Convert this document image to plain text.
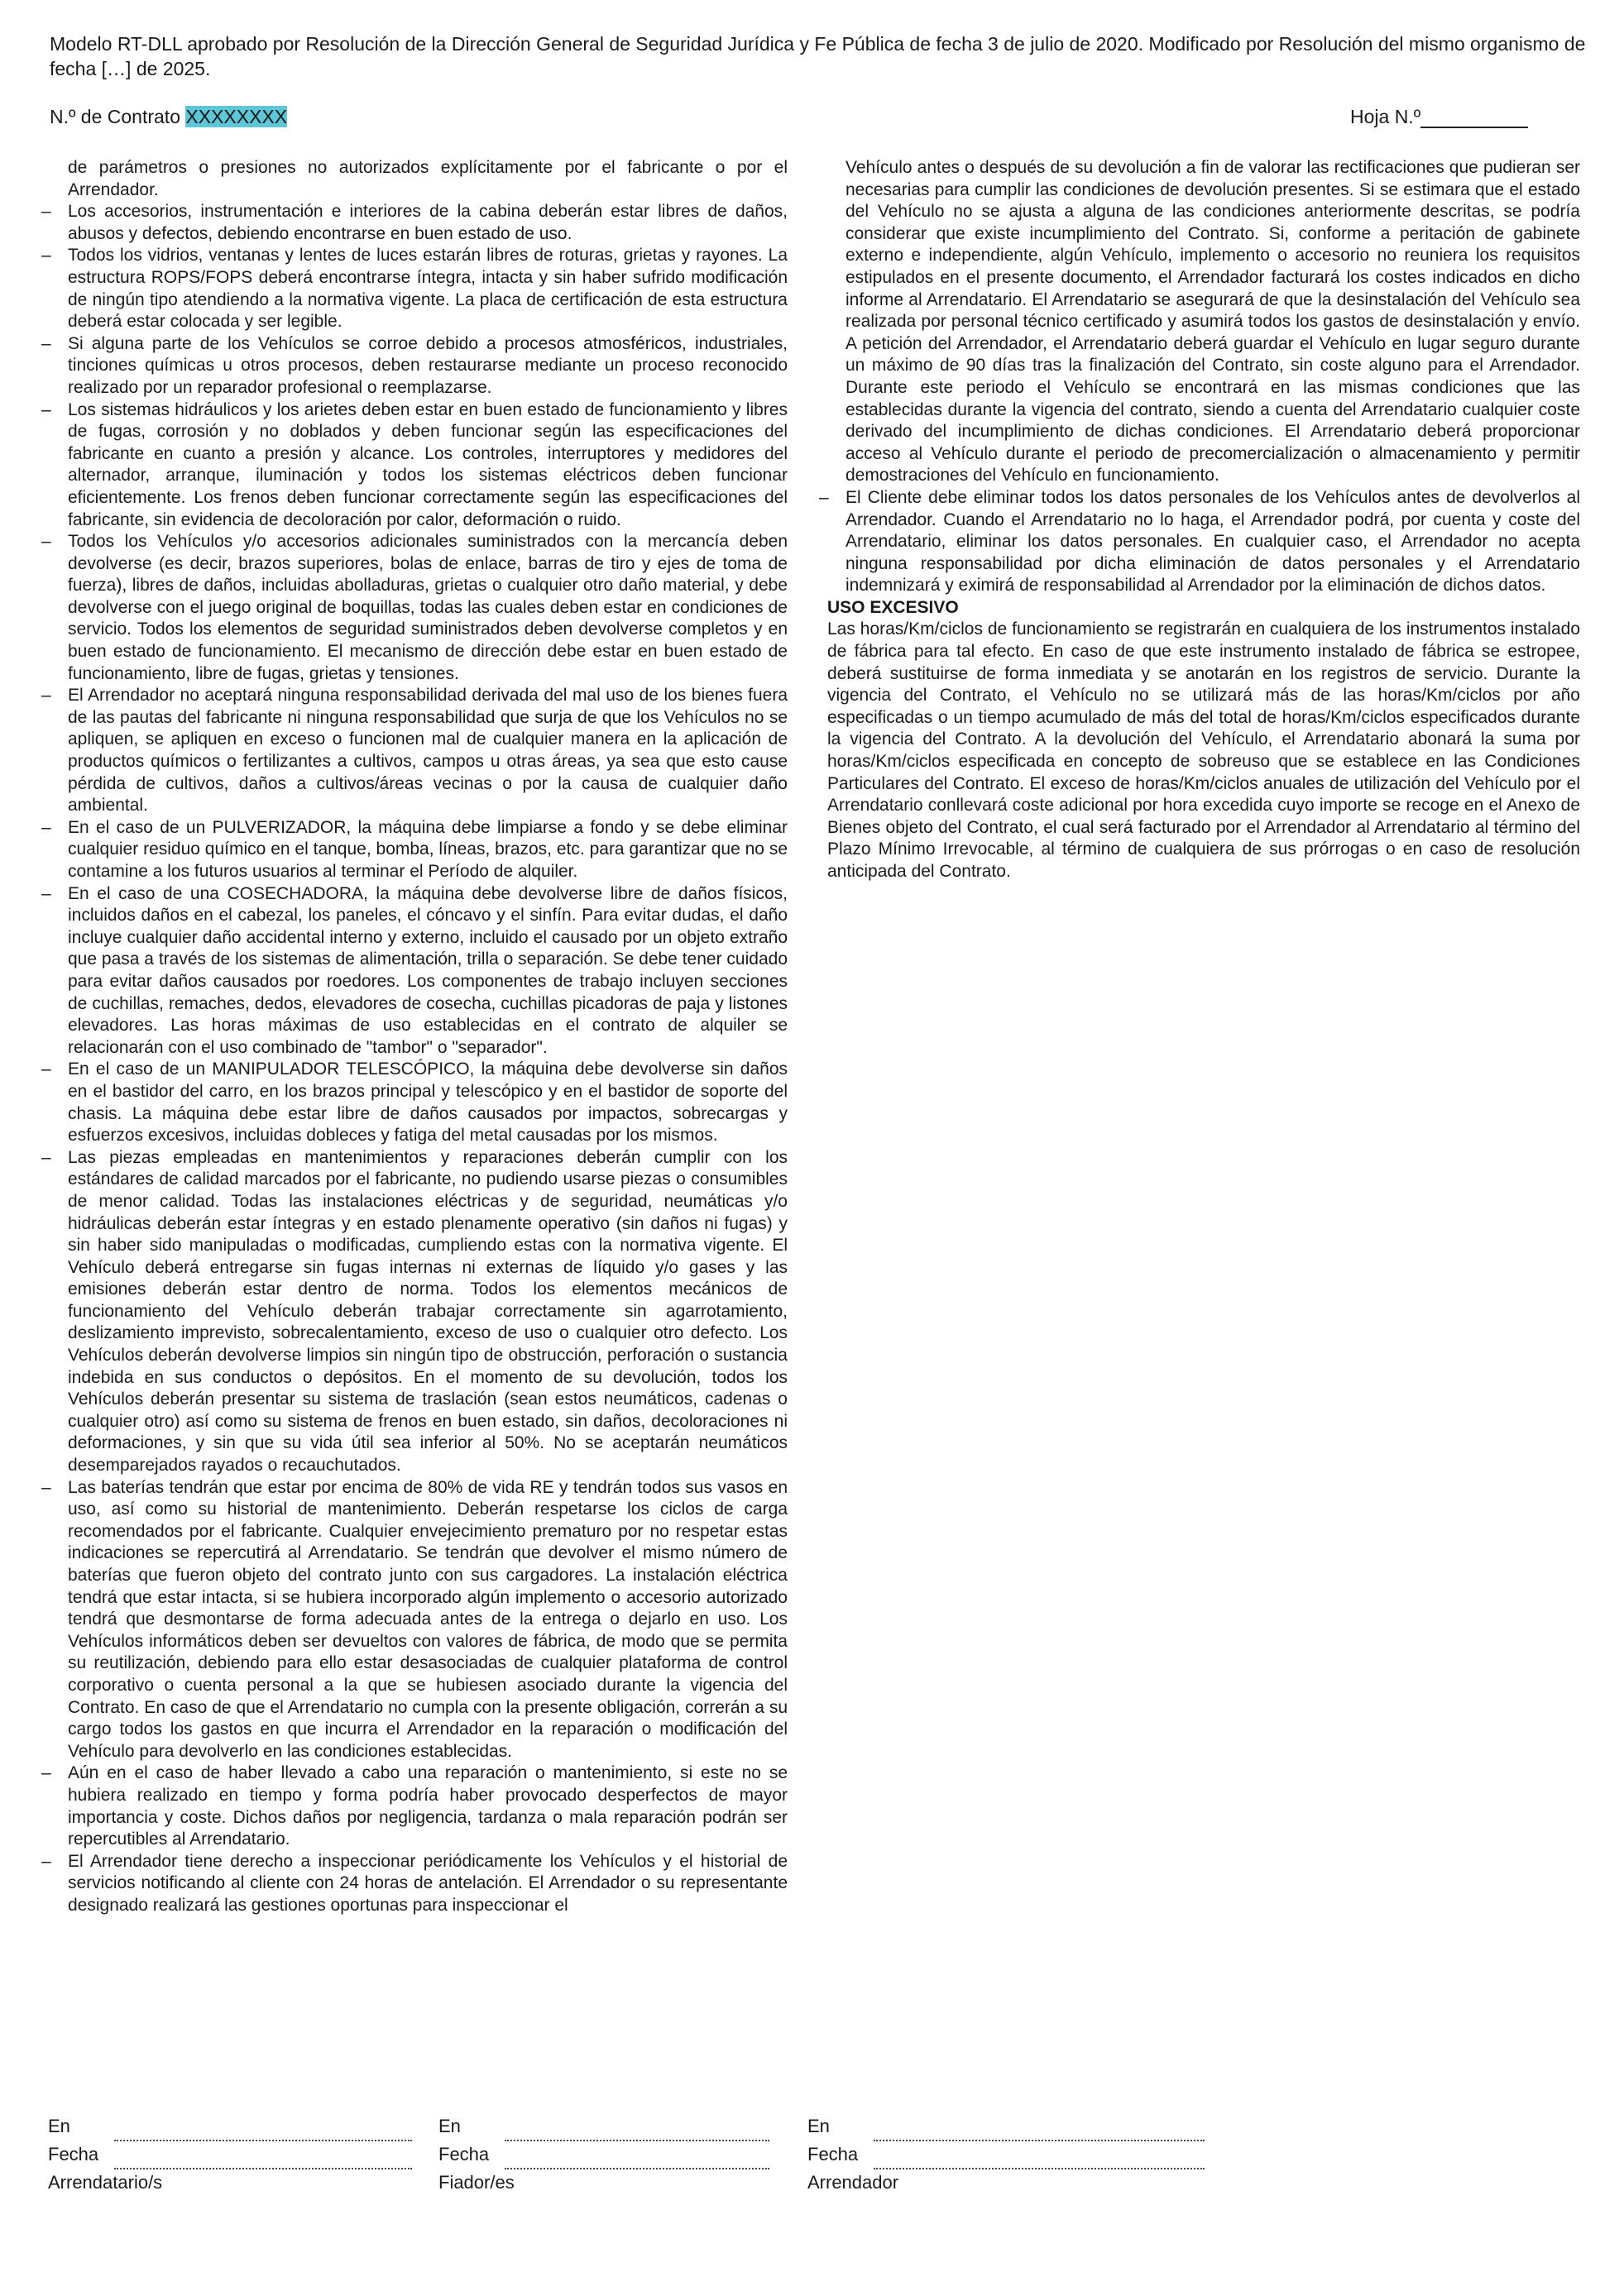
Modelo RT-DLL aprobado por Resolución de la Dirección General de Seguridad Jurídica y Fe Pública de fecha 3 de julio de 2020. Modificado por Resolución del mismo organismo de fecha […] de 2025.
N.º de Contrato XXXXXXXX	Hoja N.º

de parámetros o presiones no autorizados explícitamente por el fabricante o por el Arrendador.

– Los accesorios, instrumentación e interiores de la cabina deberán estar libres de daños, abusos y defectos, debiendo encontrarse en buen estado de uso.
– Todos los vidrios, ventanas y lentes de luces estarán libres de roturas, grietas y rayones. La estructura ROPS/FOPS deberá encontrarse íntegra, intacta y sin haber sufrido modificación de ningún tipo atendiendo a la normativa vigente. La placa de certificación de esta estructura deberá estar colocada y ser legible.
– Si alguna parte de los Vehículos se corroe debido a procesos atmosféricos, industriales, tinciones químicas u otros procesos, deben restaurarse mediante un proceso reconocido realizado por un reparador profesional o reemplazarse.
– Los sistemas hidráulicos y los arietes deben estar en buen estado de funcionamiento y libres de fugas, corrosión y no doblados y deben funcionar según las especificaciones del fabricante en cuanto a presión y alcance. Los controles, interruptores y medidores del alternador, arranque, iluminación y todos los sistemas eléctricos deben funcionar eficientemente. Los frenos deben funcionar correctamente según las especificaciones del fabricante, sin evidencia de decoloración por calor, deformación o ruido.
– Todos los Vehículos y/o accesorios adicionales suministrados con la mercancía deben devolverse (es decir, brazos superiores, bolas de enlace, barras de tiro y ejes de toma de fuerza), libres de daños, incluidas abolladuras, grietas o cualquier otro daño material, y debe devolverse con el juego original de boquillas, todas las cuales deben estar en condiciones de servicio. Todos los elementos de seguridad suministrados deben devolverse completos y en buen estado de funcionamiento. El mecanismo de dirección debe estar en buen estado de funcionamiento, libre de fugas, grietas y tensiones.
– El Arrendador no aceptará ninguna responsabilidad derivada del mal uso de los bienes fuera de las pautas del fabricante ni ninguna responsabilidad que surja de que los Vehículos no se apliquen, se apliquen en exceso o funcionen mal de cualquier manera en la aplicación de productos químicos o fertilizantes a cultivos, campos u otras áreas, ya sea que esto cause pérdida de cultivos, daños a cultivos/áreas vecinas o por la causa de cualquier daño ambiental.
– En el caso de un PULVERIZADOR, la máquina debe limpiarse a fondo y se debe eliminar cualquier residuo químico en el tanque, bomba, líneas, brazos, etc. para garantizar que no se contamine a los futuros usuarios al terminar el Período de alquiler.
– En el caso de una COSECHADORA, la máquina debe devolverse libre de daños físicos, incluidos daños en el cabezal, los paneles, el cóncavo y el sinfín. Para evitar dudas, el daño incluye cualquier daño accidental interno y externo, incluido el causado por un objeto extraño que pasa a través de los sistemas de alimentación, trilla o separación. Se debe tener cuidado para evitar daños causados por roedores. Los componentes de trabajo incluyen secciones de cuchillas, remaches, dedos, elevadores de cosecha, cuchillas picadoras de paja y listones elevadores. Las horas máximas de uso establecidas en el contrato de alquiler se relacionarán con el uso combinado de "tambor" o "separador".
– En el caso de un MANIPULADOR TELESCÓPICO, la máquina debe devolverse sin daños en el bastidor del carro, en los brazos principal y telescópico y en el bastidor de soporte del chasis. La máquina debe estar libre de daños causados por impactos, sobrecargas y esfuerzos excesivos, incluidas dobleces y fatiga del metal causadas por los mismos.
– Las piezas empleadas en mantenimientos y reparaciones deberán cumplir con los estándares de calidad marcados por el fabricante, no pudiendo usarse piezas o consumibles de menor calidad. Todas las instalaciones eléctricas y de seguridad, neumáticas y/o hidráulicas deberán estar íntegras y en estado plenamente operativo (sin daños ni fugas) y sin haber sido manipuladas o modificadas, cumpliendo estas con la normativa vigente. El Vehículo deberá entregarse sin fugas internas ni externas de líquido y/o gases y las emisiones deberán estar dentro de norma. Todos los elementos mecánicos de funcionamiento del Vehículo deberán trabajar correctamente sin agarrotamiento, deslizamiento imprevisto, sobrecalentamiento, exceso de uso o cualquier otro defecto. Los Vehículos deberán devolverse limpios sin ningún tipo de obstrucción, perforación o sustancia indebida en sus conductos o depósitos. En el momento de su devolución, todos los Vehículos deberán presentar su sistema de traslación (sean estos neumáticos, cadenas o cualquier otro) así como su sistema de frenos en buen estado, sin daños, decoloraciones ni deformaciones, y sin que su vida útil sea inferior al 50%. No se aceptarán neumáticos desemparejados rayados o recauchutados.
– Las baterías tendrán que estar por encima de 80% de vida RE y tendrán todos sus vasos en uso, así como su historial de mantenimiento. Deberán respetarse los ciclos de carga recomendados por el fabricante. Cualquier envejecimiento prematuro por no respetar estas indicaciones se repercutirá al Arrendatario. Se tendrán que devolver el mismo número de baterías que fueron objeto del contrato junto con sus cargadores. La instalación eléctrica tendrá que estar intacta, si se hubiera incorporado algún implemento o accesorio autorizado tendrá que desmontarse de forma adecuada antes de la entrega o dejarlo en uso. Los Vehículos informáticos deben ser devueltos con valores de fábrica, de modo que se permita su reutilización, debiendo para ello estar desasociadas de cualquier plataforma de control corporativo o cuenta personal a la que se hubiesen asociado durante la vigencia del Contrato. En caso de que el Arrendatario no cumpla con la presente obligación, correrán a su cargo todos los gastos en que incurra el Arrendador en la reparación o modificación del Vehículo para devolverlo en las condiciones establecidas.
– Aún en el caso de haber llevado a cabo una reparación o mantenimiento, si este no se hubiera realizado en tiempo y forma podría haber provocado desperfectos de mayor importancia y coste. Dichos daños por negligencia, tardanza o mala reparación podrán ser repercutibles al Arrendatario.
– El Arrendador tiene derecho a inspeccionar periódicamente los Vehículos y el historial de servicios notificando al cliente con 24 horas de antelación. El Arrendador o su representante designado realizará las gestiones oportunas para inspeccionar el

Vehículo antes o después de su devolución a fin de valorar las rectificaciones que pudieran ser necesarias para cumplir las condiciones de devolución presentes. Si se estimara que el estado del Vehículo no se ajusta a alguna de las condiciones anteriormente descritas, se podría considerar que existe incumplimiento del Contrato. Si, conforme a peritación de gabinete externo e independiente, algún Vehículo, implemento o accesorio no reuniera los requisitos estipulados en el presente documento, el Arrendador facturará los costes indicados en dicho informe al Arrendatario. El Arrendatario se asegurará de que la desinstalación del Vehículo sea realizada por personal técnico certificado y asumirá todos los gastos de desinstalación y envío. A petición del Arrendador, el Arrendatario deberá guardar el Vehículo en lugar seguro durante un máximo de 90 días tras la finalización del Contrato, sin coste alguno para el Arrendador. Durante este periodo el Vehículo se encontrará en las mismas condiciones que las establecidas durante la vigencia del contrato, siendo a cuenta del Arrendatario cualquier coste derivado del incumplimiento de dichas condiciones. El Arrendatario deberá proporcionar acceso al Vehículo durante el periodo de precomercialización o almacenamiento y permitir demostraciones del Vehículo en funcionamiento.

– El Cliente debe eliminar todos los datos personales de los Vehículos antes de devolverlos al Arrendador. Cuando el Arrendatario no lo haga, el Arrendador podrá, por cuenta y coste del Arrendatario, eliminar los datos personales. En cualquier caso, el Arrendador no acepta ninguna responsabilidad por dicha eliminación de datos personales y el Arrendatario indemnizará y eximirá de responsabilidad al Arrendador por la eliminación de dichos datos.

USO EXCESIVO

Las horas/Km/ciclos de funcionamiento se registrarán en cualquiera de los instrumentos instalado de fábrica para tal efecto. En caso de que este instrumento instalado de fábrica se estropee, deberá sustituirse de forma inmediata y se anotarán en los registros de servicio. Durante la vigencia del Contrato, el Vehículo no se utilizará más de las horas/Km/ciclos por año especificadas o un tiempo acumulado de más del total de horas/Km/ciclos especificados durante la vigencia del Contrato. A la devolución del Vehículo, el Arrendatario abonará la suma por horas/Km/ciclos especificada en concepto de sobreuso que se establece en las Condiciones Particulares del Contrato. El exceso de horas/Km/ciclos anuales de utilización del Vehículo por el Arrendatario conllevará coste adicional por hora excedida cuyo importe se recoge en el Anexo de Bienes objeto del Contrato, el cual será facturado por el Arrendador al Arrendatario al término del Plazo Mínimo Irrevocable, al término de cualquiera de sus prórrogas o en caso de resolución anticipada del Contrato.

En
Fecha
Arrendatario/s
En
Fecha
Fiador/es
En
Fecha
Arrendador
